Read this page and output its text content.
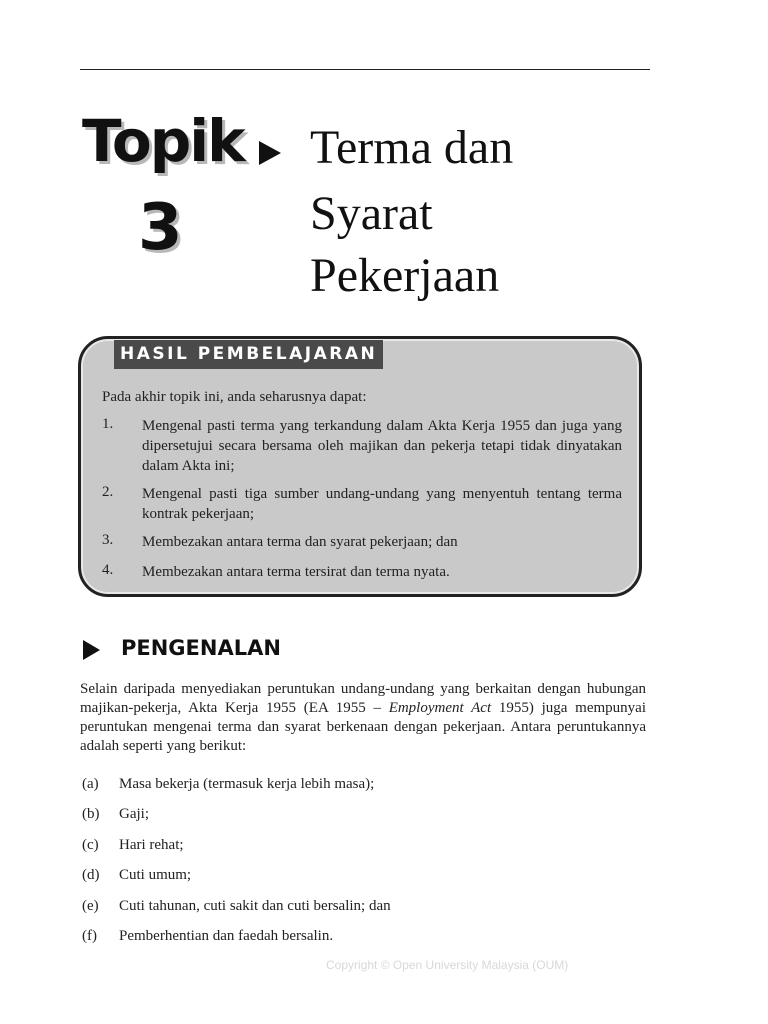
Topik
3
Terma dan
Syarat
Pekerjaan
HASIL PEMBELAJARAN
Pada akhir topik ini, anda seharusnya dapat:
1. Mengenal pasti terma yang terkandung dalam Akta Kerja 1955 dan juga yang dipersetujui secara bersama oleh majikan dan pekerja tetapi tidak dinyatakan dalam Akta ini;
2. Mengenal pasti tiga sumber undang-undang yang menyentuh tentang terma kontrak pekerjaan;
3. Membezakan antara terma dan syarat pekerjaan; dan
4. Membezakan antara terma tersirat dan terma nyata.
PENGENALAN

Selain daripada menyediakan peruntukan undang-undang yang berkaitan dengan hubungan majikan-pekerja, Akta Kerja 1955 (EA 1955 – Employment Act 1955) juga mempunyai peruntukan mengenai terma dan syarat berkenaan dengan pekerjaan. Antara peruntukannya adalah seperti yang berikut:

(a) Masa bekerja (termasuk kerja lebih masa);
(b) Gaji;
(c) Hari rehat;
(d) Cuti umum;
(e) Cuti tahunan, cuti sakit dan cuti bersalin; dan
(f) Pemberhentian dan faedah bersalin.
Copyright © Open University Malaysia (OUM)
